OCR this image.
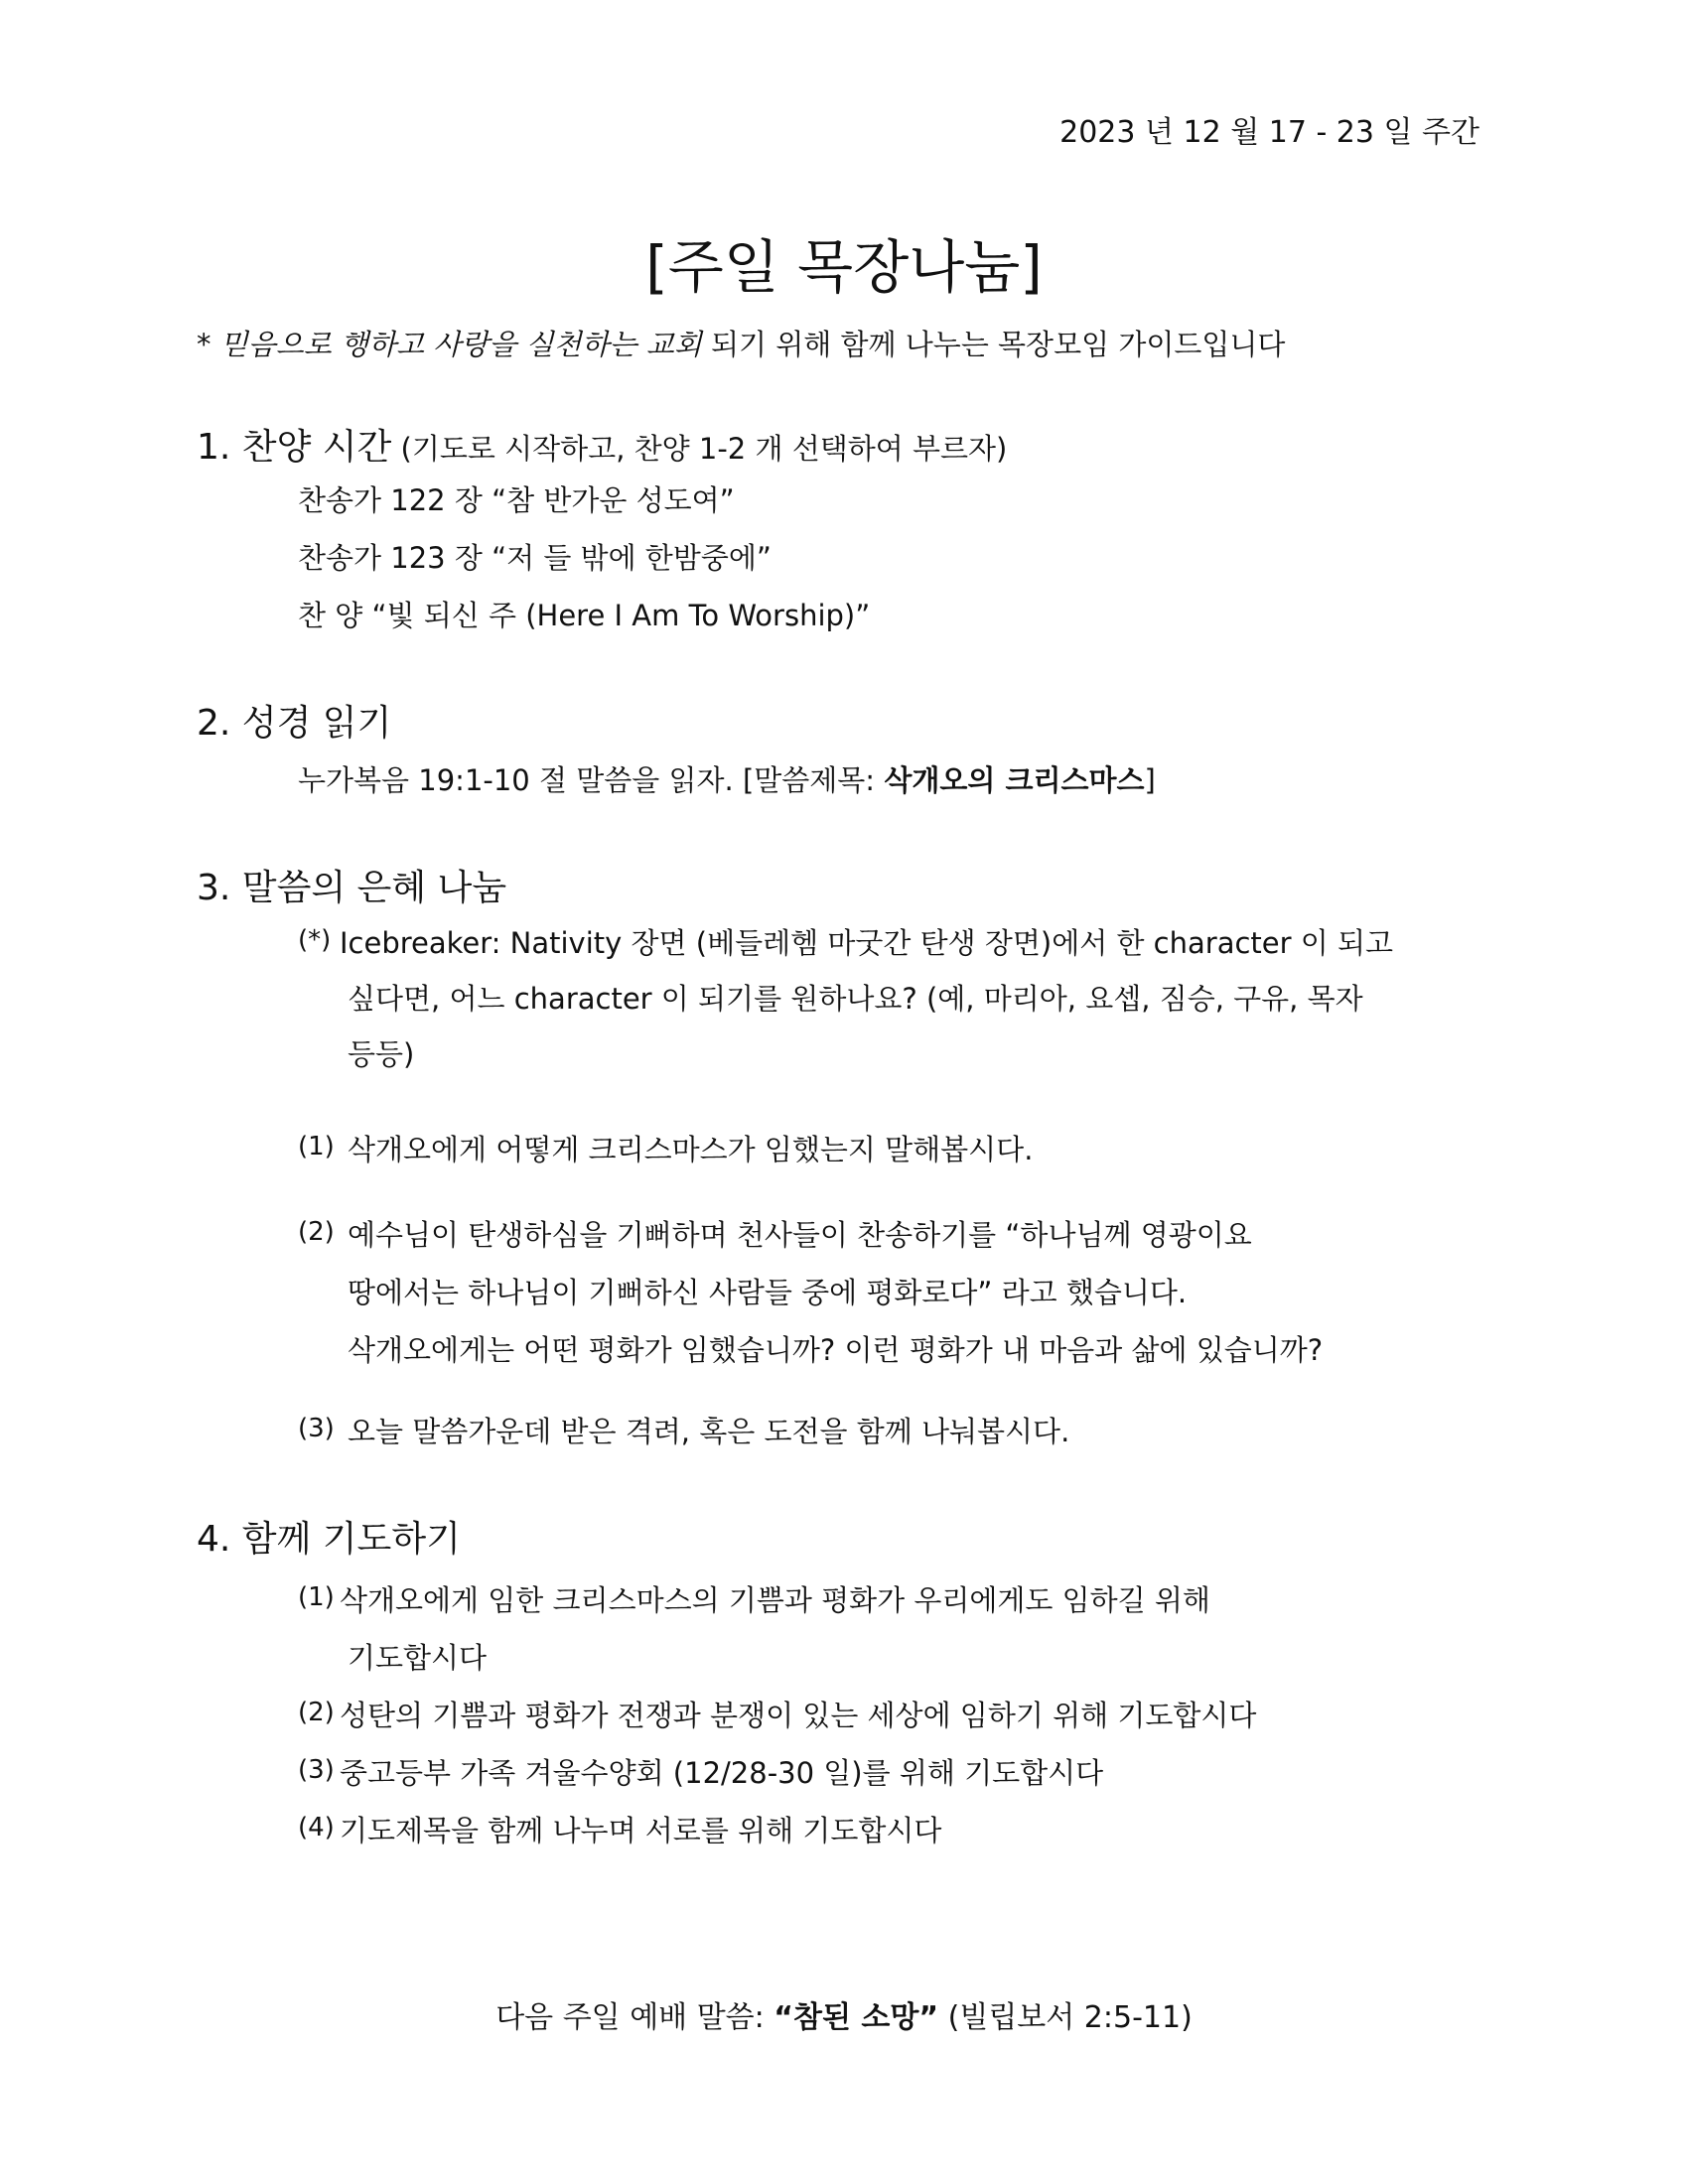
2023 년 12 월 17 - 23 일 주간
[주일 목장나눔]
* 믿음으로 행하고 사랑을 실천하는 교회 되기 위해 함께 나누는 목장모임 가이드입니다
1. 찬양 시간 (기도로 시작하고, 찬양 1-2 개 선택하여 부르자)
찬송가 122 장 “참 반가운 성도여”
찬송가 123 장 “저 들 밖에 한밤중에”
찬 양 “빛 되신 주 (Here I Am To Worship)”
2. 성경 읽기
누가복음 19:1-10 절 말씀을 읽자. [말씀제목: 삭개오의 크리스마스]
3. 말씀의 은혜 나눔
(*) Icebreaker: Nativity 장면 (베들레헴 마굿간 탄생 장면)에서 한 character 이 되고
싶다면, 어느 character 이 되기를 원하나요? (예, 마리아, 요셉, 짐승, 구유, 목자
등등)
(1) 삭개오에게 어떻게 크리스마스가 임했는지 말해봅시다.
(2) 예수님이 탄생하심을 기뻐하며 천사들이 찬송하기를 “하나님께 영광이요
땅에서는 하나님이 기뻐하신 사람들 중에 평화로다” 라고 했습니다.
삭개오에게는 어떤 평화가 임했습니까? 이런 평화가 내 마음과 삶에 있습니까?
(3) 오늘 말씀가운데 받은 격려, 혹은 도전을 함께 나눠봅시다.
4. 함께 기도하기
(1) 삭개오에게 임한 크리스마스의 기쁨과 평화가 우리에게도 임하길 위해
기도합시다
(2) 성탄의 기쁨과 평화가 전쟁과 분쟁이 있는 세상에 임하기 위해 기도합시다
(3) 중고등부 가족 겨울수양회 (12/28-30 일)를 위해 기도합시다
(4) 기도제목을 함께 나누며 서로를 위해 기도합시다
다음 주일 예배 말씀: “참된 소망” (빌립보서 2:5-11)
